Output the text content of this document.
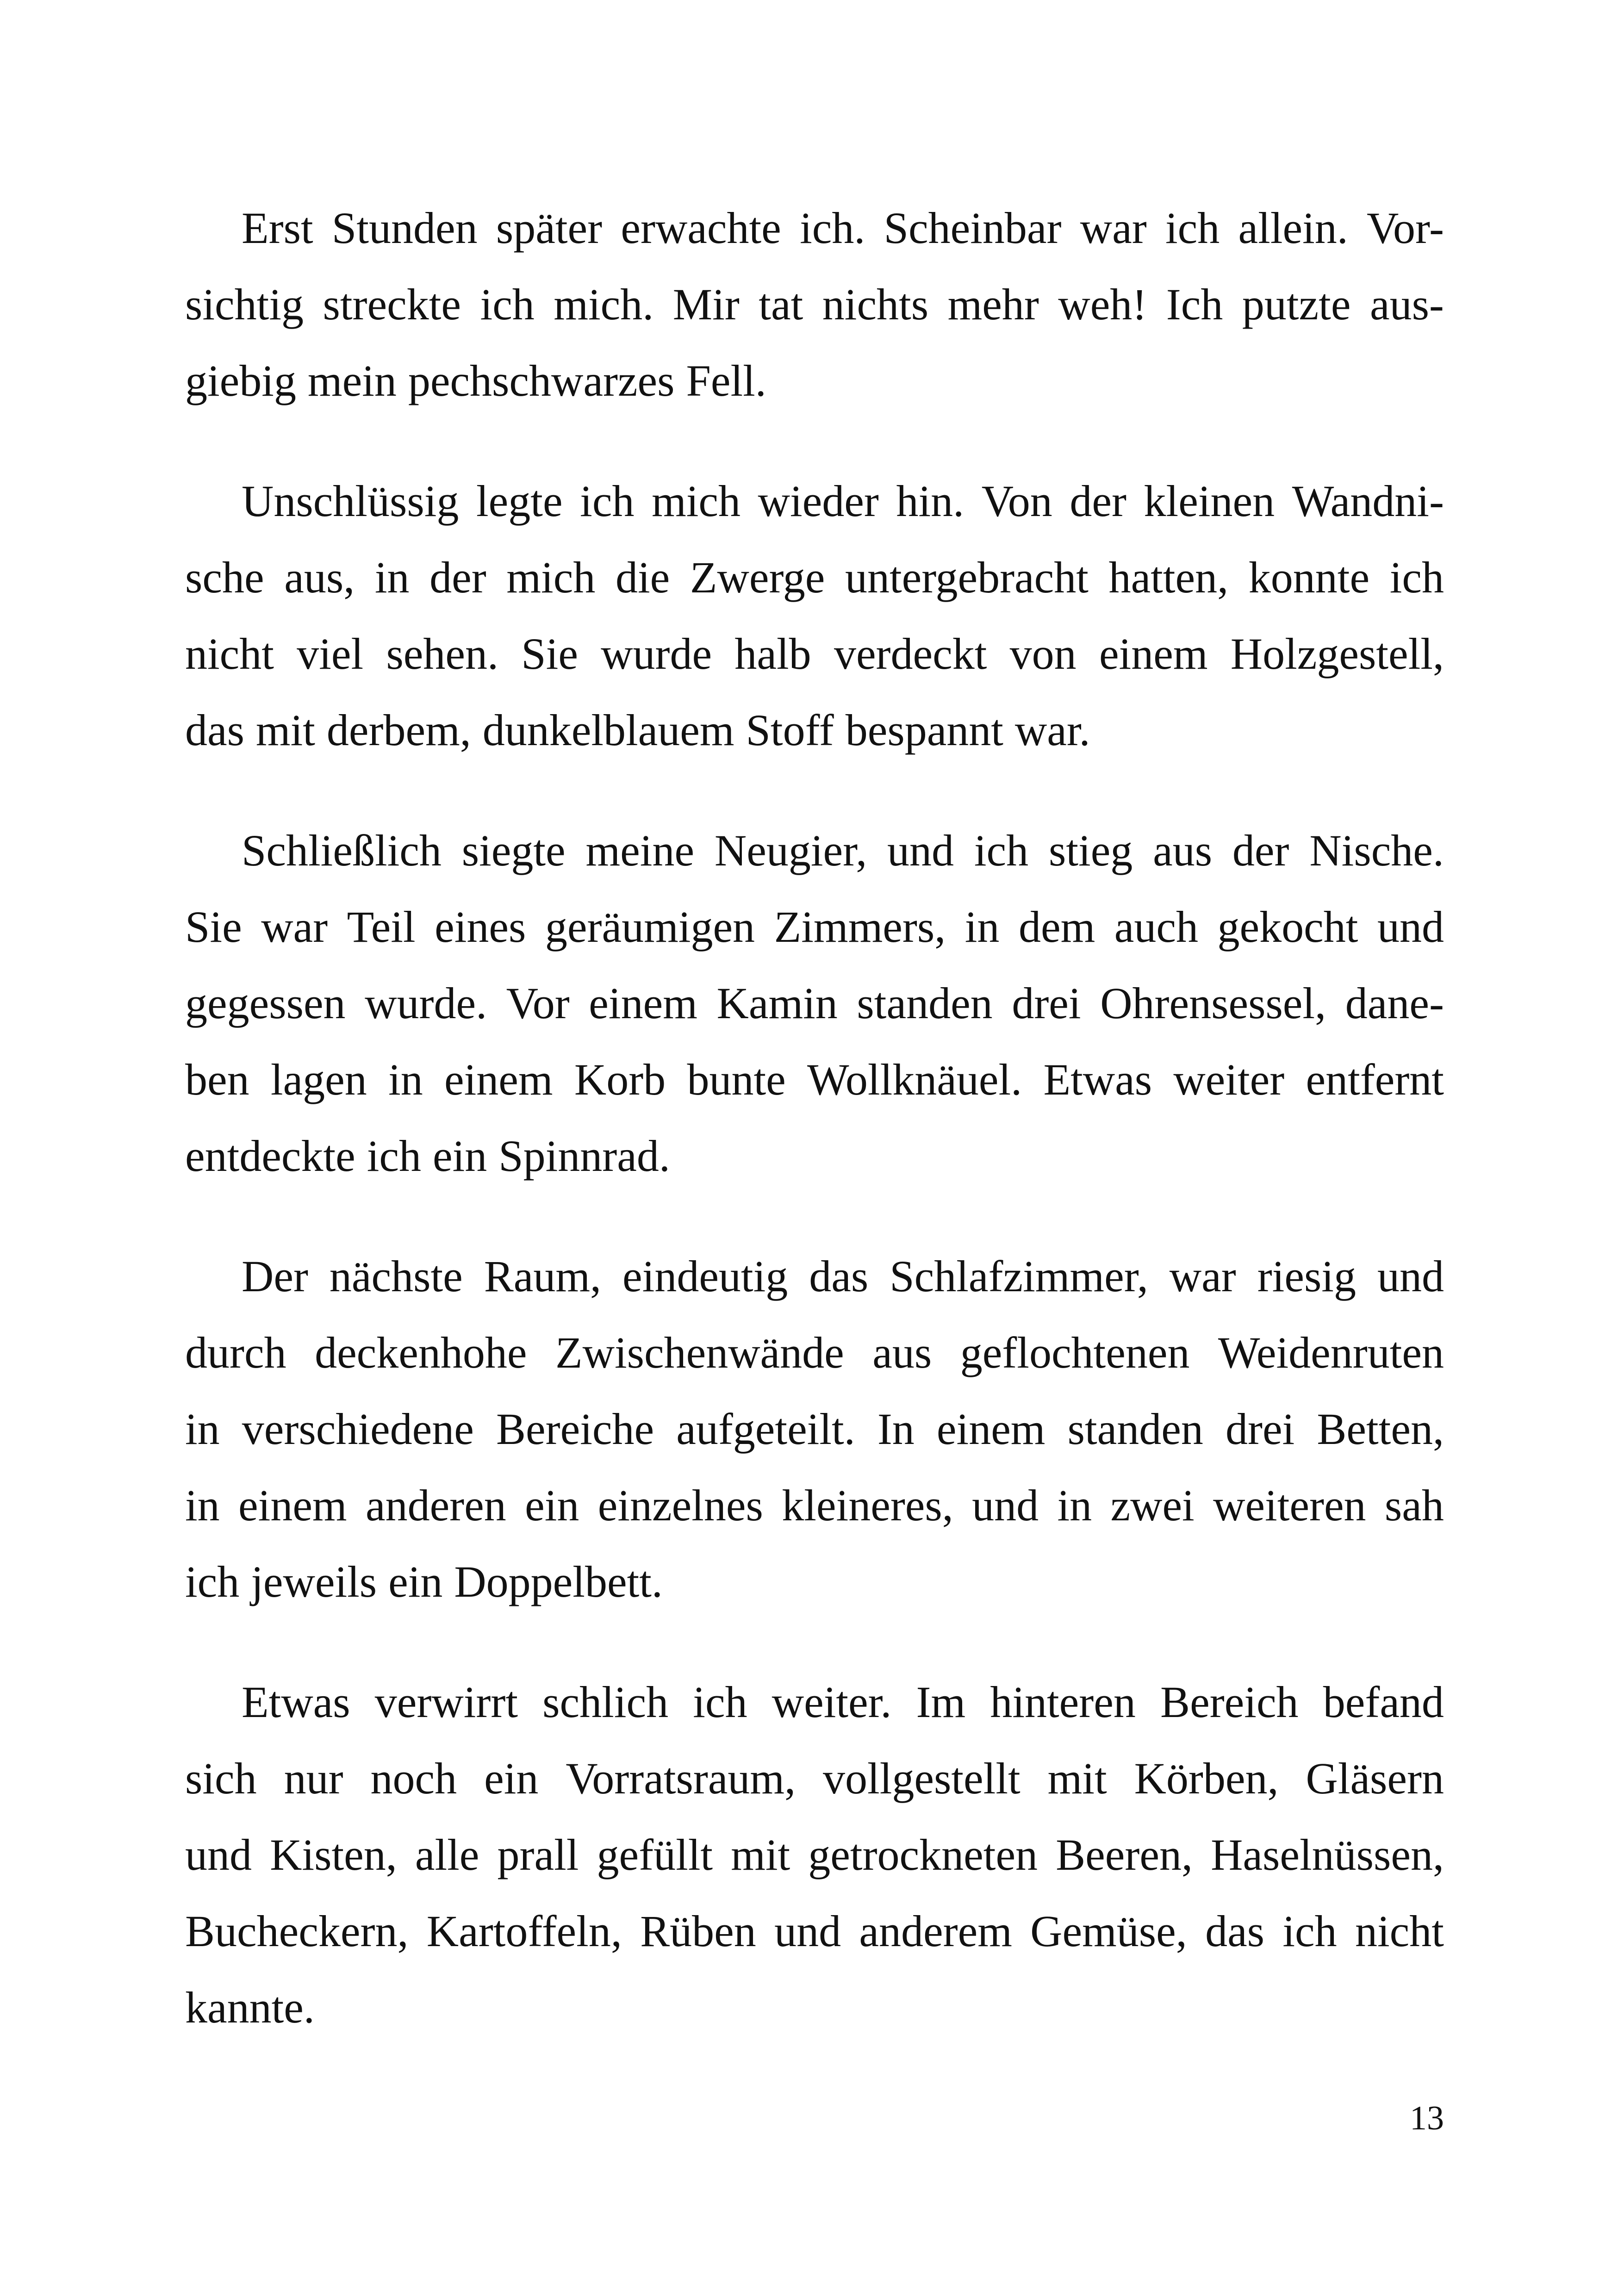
Erst Stunden später erwachte ich. Scheinbar war ich allein. Vor-
sichtig streckte ich mich. Mir tat nichts mehr weh! Ich putzte aus-
giebig mein pechschwarzes Fell.
Unschlüssig legte ich mich wieder hin. Von der kleinen Wandni-
sche aus, in der mich die Zwerge untergebracht hatten, konnte ich
nicht viel sehen. Sie wurde halb verdeckt von einem Holzgestell,
das mit derbem, dunkelblauem Stoff bespannt war.
Schließlich siegte meine Neugier, und ich stieg aus der Nische.
Sie war Teil eines geräumigen Zimmers, in dem auch gekocht und
gegessen wurde. Vor einem Kamin standen drei Ohrensessel, dane-
ben lagen in einem Korb bunte Wollknäuel. Etwas weiter entfernt
entdeckte ich ein Spinnrad.
Der nächste Raum, eindeutig das Schlafzimmer, war riesig und
durch deckenhohe Zwischenwände aus geflochtenen Weidenruten
in verschiedene Bereiche aufgeteilt. In einem standen drei Betten,
in einem anderen ein einzelnes kleineres, und in zwei weiteren sah
ich jeweils ein Doppelbett.
Etwas verwirrt schlich ich weiter. Im hinteren Bereich befand
sich nur noch ein Vorratsraum, vollgestellt mit Körben, Gläsern
und Kisten, alle prall gefüllt mit getrockneten Beeren, Haselnüssen,
Bucheckern, Kartoffeln, Rüben und anderem Gemüse, das ich nicht
kannte.
13
